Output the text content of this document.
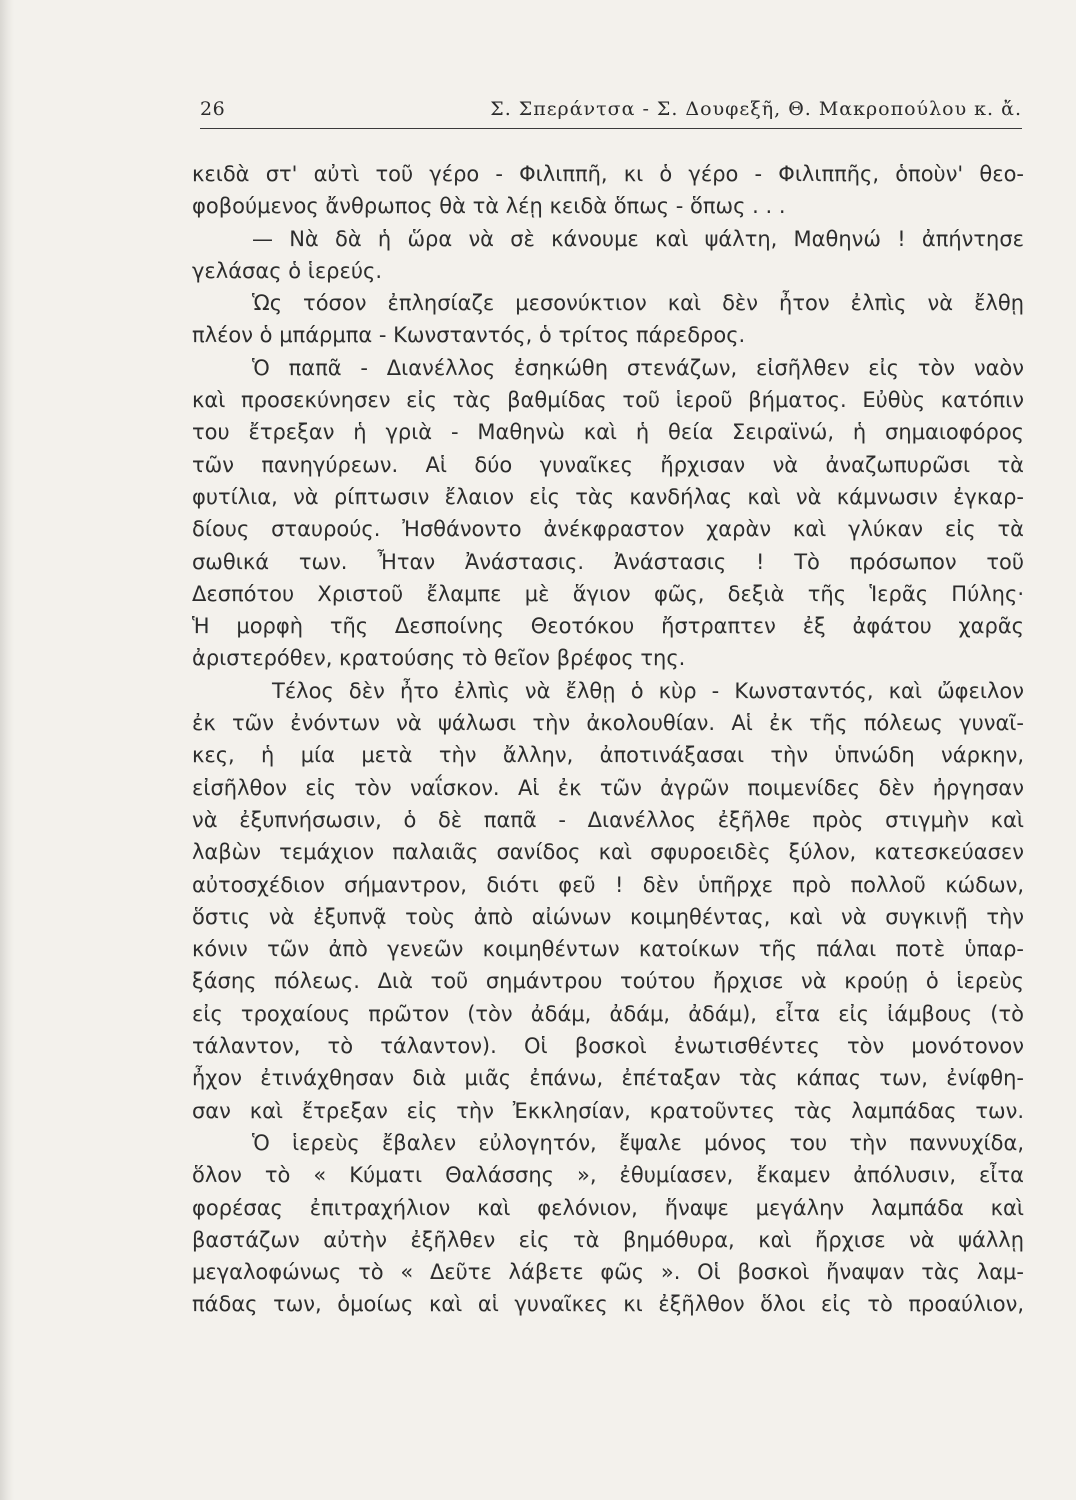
26	Σ. Σπεράντσα - Σ. Δουφεξῆ, Θ. Μακροπούλου κ. ἄ.
κειδὰ στ' αὐτὶ τοῦ γέρο - Φιλιππῆ, κι ὁ γέρο - Φιλιππῆς, ὁποὺν' θεο-
φοβούμενος ἄνθρωπος θὰ τὰ λέῃ κειδὰ ὅπως - ὅπως . . .
— Νὰ δὰ ἡ ὥρα νὰ σὲ κάνουμε καὶ ψάλτη, Μαθηνώ ! ἀπήντησε
γελάσας ὁ ἱερεύς.
Ὡς τόσον ἐπλησίαζε μεσονύκτιον καὶ δὲν ἦτον ἐλπὶς νὰ ἔλθῃ
πλέον ὁ μπάρμπα - Κωνσταντός, ὁ τρίτος πάρεδρος.
Ὁ παπᾶ - Διανέλλος ἐσηκώθη στενάζων, εἰσῆλθεν εἰς τὸν ναὸν
καὶ προσεκύνησεν εἰς τὰς βαθμίδας τοῦ ἱεροῦ βήματος. Εὐθὺς κατόπιν
του ἔτρεξαν ἡ γριὰ - Μαθηνὼ καὶ ἡ θεία Σειραϊνώ, ἡ σημαιοφόρος
τῶν πανηγύρεων. Αἱ δύο γυναῖκες ἤρχισαν νὰ ἀναζωπυρῶσι τὰ
φυτίλια, νὰ ρίπτωσιν ἔλαιον εἰς τὰς κανδήλας καὶ νὰ κάμνωσιν ἐγκαρ-
δίους σταυρούς. Ἠσθάνοντο ἀνέκφραστον χαρὰν καὶ γλύκαν εἰς τὰ
σωθικά των. Ἦταν Ἀνάστασις. Ἀνάστασις ! Τὸ πρόσωπον τοῦ
Δεσπότου Χριστοῦ ἔλαμπε μὲ ἅγιον φῶς, δεξιὰ τῆς Ἱερᾶς Πύλης·
Ἡ μορφὴ τῆς Δεσποίνης Θεοτόκου ἤστραπτεν ἐξ ἀφάτου χαρᾶς
ἀριστερόθεν, κρατούσης τὸ θεῖον βρέφος της.
Τέλος δὲν ἦτο ἐλπὶς νὰ ἔλθῃ ὁ κὺρ - Κωνσταντός, καὶ ὤφειλον
ἐκ τῶν ἐνόντων νὰ ψάλωσι τὴν ἀκολουθίαν. Αἱ ἐκ τῆς πόλεως γυναῖ-
κες, ἡ μία μετὰ τὴν ἄλλην, ἀποτινάξασαι τὴν ὑπνώδη νάρκην,
εἰσῆλθον εἰς τὸν ναΐσκον. Αἱ ἐκ τῶν ἀγρῶν ποιμενίδες δὲν ἠργησαν
νὰ ἐξυπνήσωσιν, ὁ δὲ παπᾶ - Διανέλλος ἐξῆλθε πρὸς στιγμὴν καὶ
λαβὼν τεμάχιον παλαιᾶς σανίδος καὶ σφυροειδὲς ξύλον, κατεσκεύασεν
αὐτοσχέδιον σήμαντρον, διότι φεῦ ! δὲν ὑπῆρχε πρὸ πολλοῦ κώδων,
ὅστις νὰ ἐξυπνᾷ τοὺς ἀπὸ αἰώνων κοιμηθέντας, καὶ νὰ συγκινῇ τὴν
κόνιν τῶν ἀπὸ γενεῶν κοιμηθέντων κατοίκων τῆς πάλαι ποτὲ ὑπαρ-
ξάσης πόλεως. Διὰ τοῦ σημάντρου τούτου ἤρχισε νὰ κρούῃ ὁ ἱερεὺς
εἰς τροχαίους πρῶτον (τὸν ἀδάμ, ἀδάμ, ἀδάμ), εἶτα εἰς ἰάμβους (τὸ
τάλαντον, τὸ τάλαντον). Οἱ βοσκοὶ ἐνωτισθέντες τὸν μονότονον
ἦχον ἐτινάχθησαν διὰ μιᾶς ἐπάνω, ἐπέταξαν τὰς κάπας των, ἐνίφθη-
σαν καὶ ἔτρεξαν εἰς τὴν Ἐκκλησίαν, κρατοῦντες τὰς λαμπάδας των.
Ὁ ἱερεὺς ἔβαλεν εὐλογητόν, ἔψαλε μόνος του τὴν παννυχίδα,
ὅλον τὸ « Κύματι Θαλάσσης », ἐθυμίασεν, ἔκαμεν ἀπόλυσιν, εἶτα
φορέσας ἐπιτραχήλιον καὶ φελόνιον, ἥναψε μεγάλην λαμπάδα καὶ
βαστάζων αὐτὴν ἐξῆλθεν εἰς τὰ βημόθυρα, καὶ ἤρχισε νὰ ψάλλῃ
μεγαλοφώνως τὸ « Δεῦτε λάβετε φῶς ». Οἱ βοσκοὶ ἤναψαν τὰς λαμ-
πάδας των, ὁμοίως καὶ αἱ γυναῖκες κι ἐξῆλθον ὅλοι εἰς τὸ προαύλιον,
